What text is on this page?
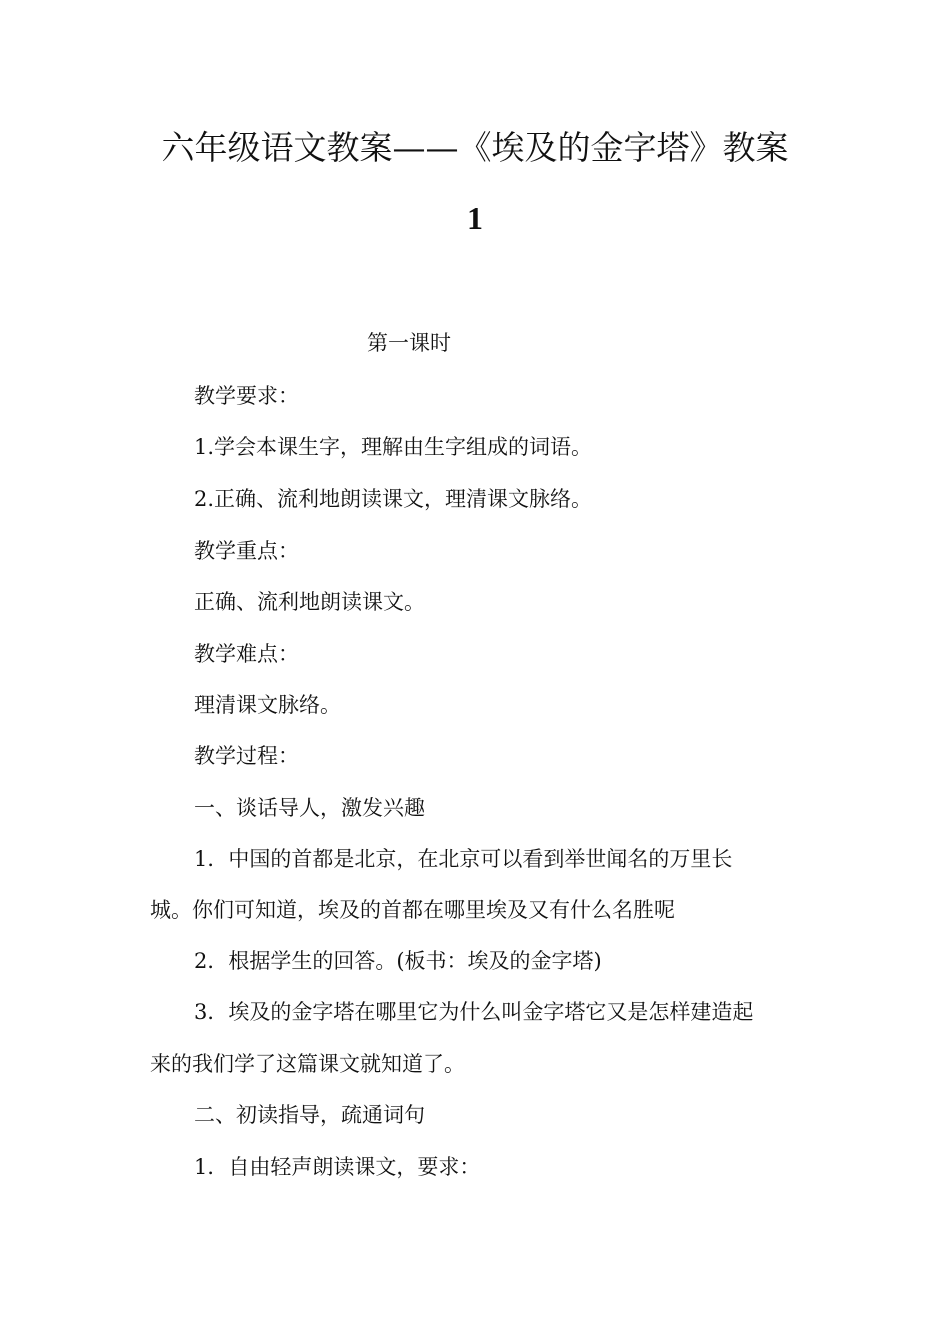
六年级语文教案——《埃及的金字塔》教案
1
第一课时
教学要求：
1.学会本课生字，理解由生字组成的词语。
2.正确、流利地朗读课文，理清课文脉络。
教学重点：
正确、流利地朗读课文。
教学难点：
理清课文脉络。
教学过程：
一、谈话导人，激发兴趣
1．中国的首都是北京，在北京可以看到举世闻名的万里长
城。你们可知道，埃及的首都在哪里埃及又有什么名胜呢
2．根据学生的回答。(板书：埃及的金字塔)
3．埃及的金字塔在哪里它为什么叫金字塔它又是怎样建造起
来的我们学了这篇课文就知道了。
二、初读指导，疏通词句
1．自由轻声朗读课文，要求：
